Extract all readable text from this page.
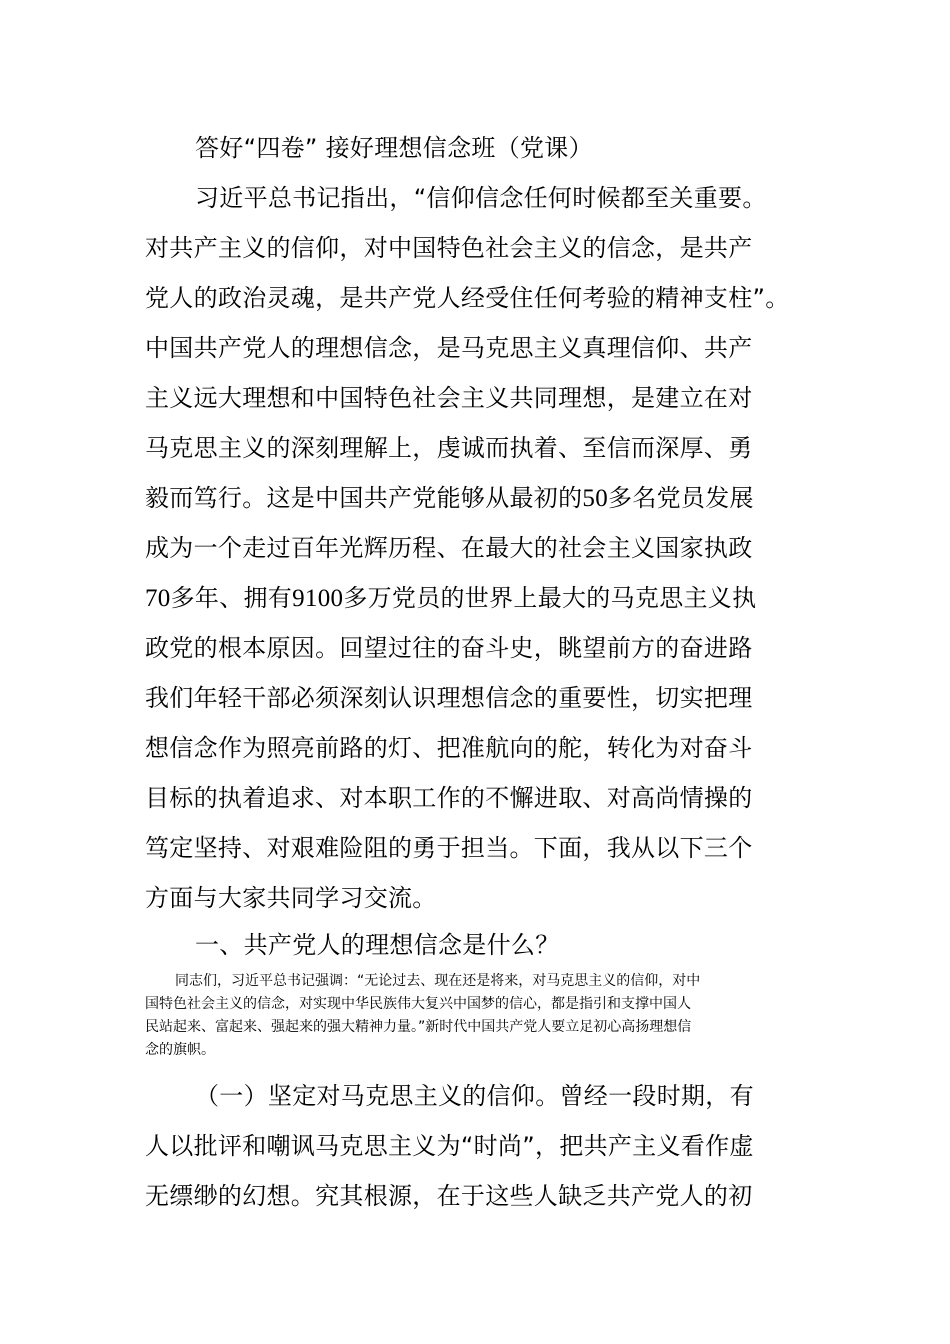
答好“四卷” 接好理想信念班（党课）
习近平总书记指出，“信仰信念任何时候都至关重要。
对共产主义的信仰，对中国特色社会主义的信念，是共产
党人的政治灵魂，是共产党人经受住任何考验的精神支柱”。
中国共产党人的理想信念，是马克思主义真理信仰、共产
主义远大理想和中国特色社会主义共同理想，是建立在对
马克思主义的深刻理解上，虔诚而执着、至信而深厚、勇
毅而笃行。这是中国共产党能够从最初的50多名党员发展
成为一个走过百年光辉历程、在最大的社会主义国家执政
70多年、拥有9100多万党员的世界上最大的马克思主义执
政党的根本原因。回望过往的奋斗史，眺望前方的奋进路
我们年轻干部必须深刻认识理想信念的重要性，切实把理
想信念作为照亮前路的灯、把准航向的舵，转化为对奋斗
目标的执着追求、对本职工作的不懈进取、对高尚情操的
笃定坚持、对艰难险阻的勇于担当。下面，我从以下三个
方面与大家共同学习交流。
一、共产党人的理想信念是什么？
同志们，习近平总书记强调：“无论过去、现在还是将来，对马克思主义的信仰，对中
国特色社会主义的信念，对实现中华民族伟大复兴中国梦的信心，都是指引和支撑中国人
民站起来、富起来、强起来的强大精神力量。”新时代中国共产党人要立足初心高扬理想信
念的旗帜。
（一）坚定对马克思主义的信仰。曾经一段时期，有
人以批评和嘲讽马克思主义为“时尚”，把共产主义看作虚
无缥缈的幻想。究其根源，在于这些人缺乏共产党人的初
